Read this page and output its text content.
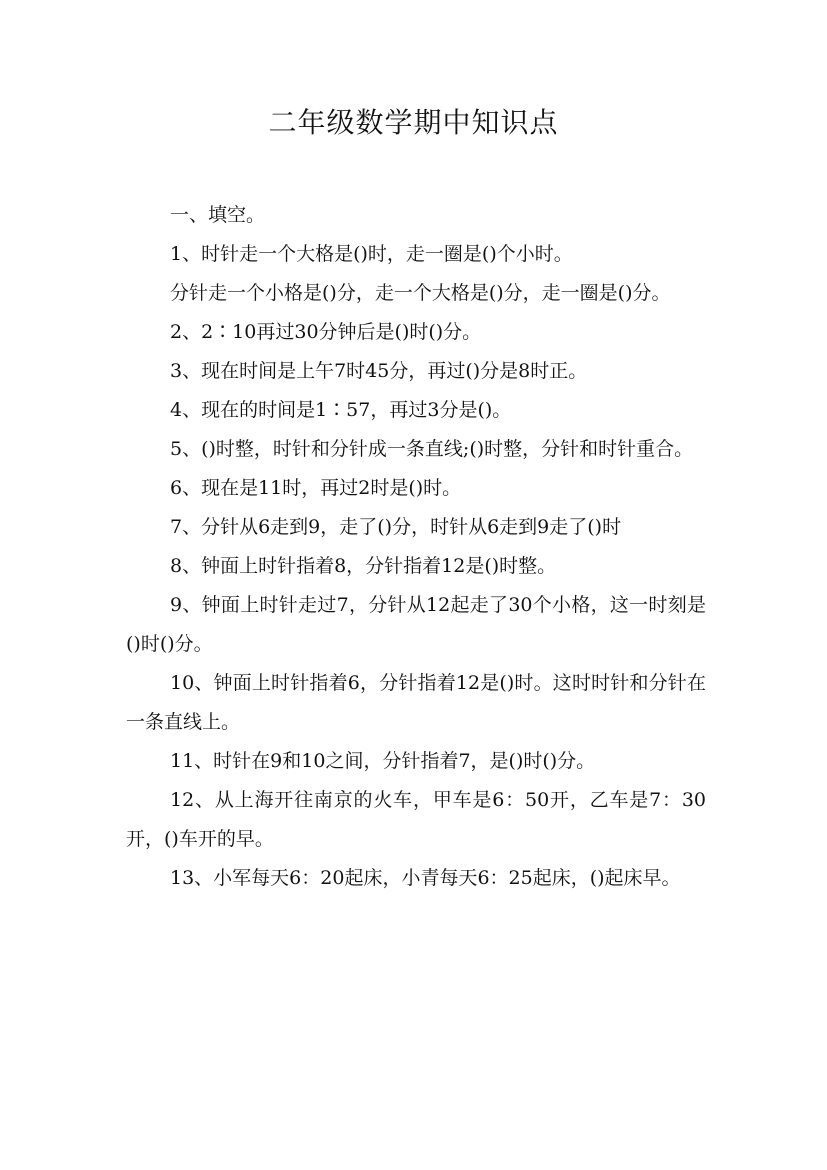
二年级数学期中知识点

一、填空。

1、时针走一个大格是()时，走一圈是()个小时。

分针走一个小格是()分，走一个大格是()分，走一圈是()分。

2、2∶10再过30分钟后是()时()分。

3、现在时间是上午7时45分，再过()分是8时正。

4、现在的时间是1∶57，再过3分是()。

5、()时整，时针和分针成一条直线;()时整，分针和时针重合。

6、现在是11时，再过2时是()时。

7、分针从6走到9，走了()分，时针从6走到9走了()时

8、钟面上时针指着8，分针指着12是()时整。

9、钟面上时针走过7，分针从12起走了30个小格，这一时刻是()时()分。

10、钟面上时针指着6，分针指着12是()时。这时时针和分针在一条直线上。

11、时针在9和10之间，分针指着7，是()时()分。

12、从上海开往南京的火车，甲车是6：50开，乙车是7：30开，()车开的早。

13、小军每天6：20起床，小青每天6：25起床，()起床早。
